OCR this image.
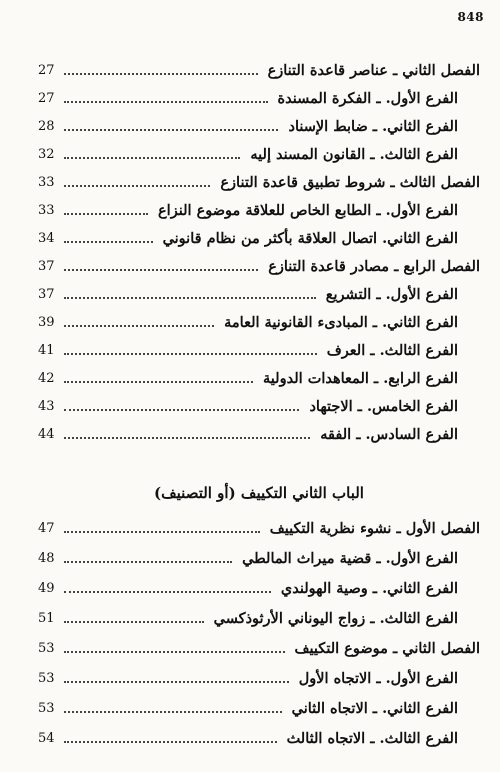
848
الفصل الثاني ـ عناصر قاعدة التنازع
27
الفرع الأول. ـ الفكرة المسندة
27
الفرع الثاني. ـ ضابط الإسناد
28
الفرع الثالث. ـ القانون المسند إليه
32
الفصل الثالث ـ شروط تطبيق قاعدة التنازع
33
الفرع الأول. ـ الطابع الخاص للعلاقة موضوع النزاع
33
الفرع الثاني. اتصال العلاقة بأكثر من نظام قانوني
34
الفصل الرابع ـ مصادر قاعدة التنازع
37
الفرع الأول. ـ التشريع
37
الفرع الثاني. ـ المبادىء القانونية العامة
39
الفرع الثالث. ـ العرف
41
الفرع الرابع. ـ المعاهدات الدولية
42
الفرع الخامس. ـ الاجتهاد
43
الفرع السادس. ـ الفقه
44
الباب الثاني التكييف (أو التصنيف)
الفصل الأول ـ نشوء نظرية التكييف
47
الفرع الأول. ـ قضية ميراث المالطي
48
الفرع الثاني. ـ وصية الهولندي
49
الفرع الثالث. ـ زواج اليوناني الأرثوذكسي
51
الفصل الثاني ـ موضوع التكييف
53
الفرع الأول. ـ الاتجاه الأول
53
الفرع الثاني. ـ الاتجاه الثاني
53
الفرع الثالث. ـ الاتجاه الثالث
54
